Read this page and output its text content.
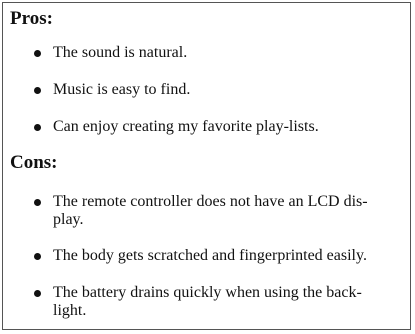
Pros:
The sound is natural.
Music is easy to find.
Can enjoy creating my favorite play-lists.
Cons:
The remote controller does not have an LCD dis-
play.
The body gets scratched and fingerprinted easily.
The battery drains quickly when using the back-
light.
